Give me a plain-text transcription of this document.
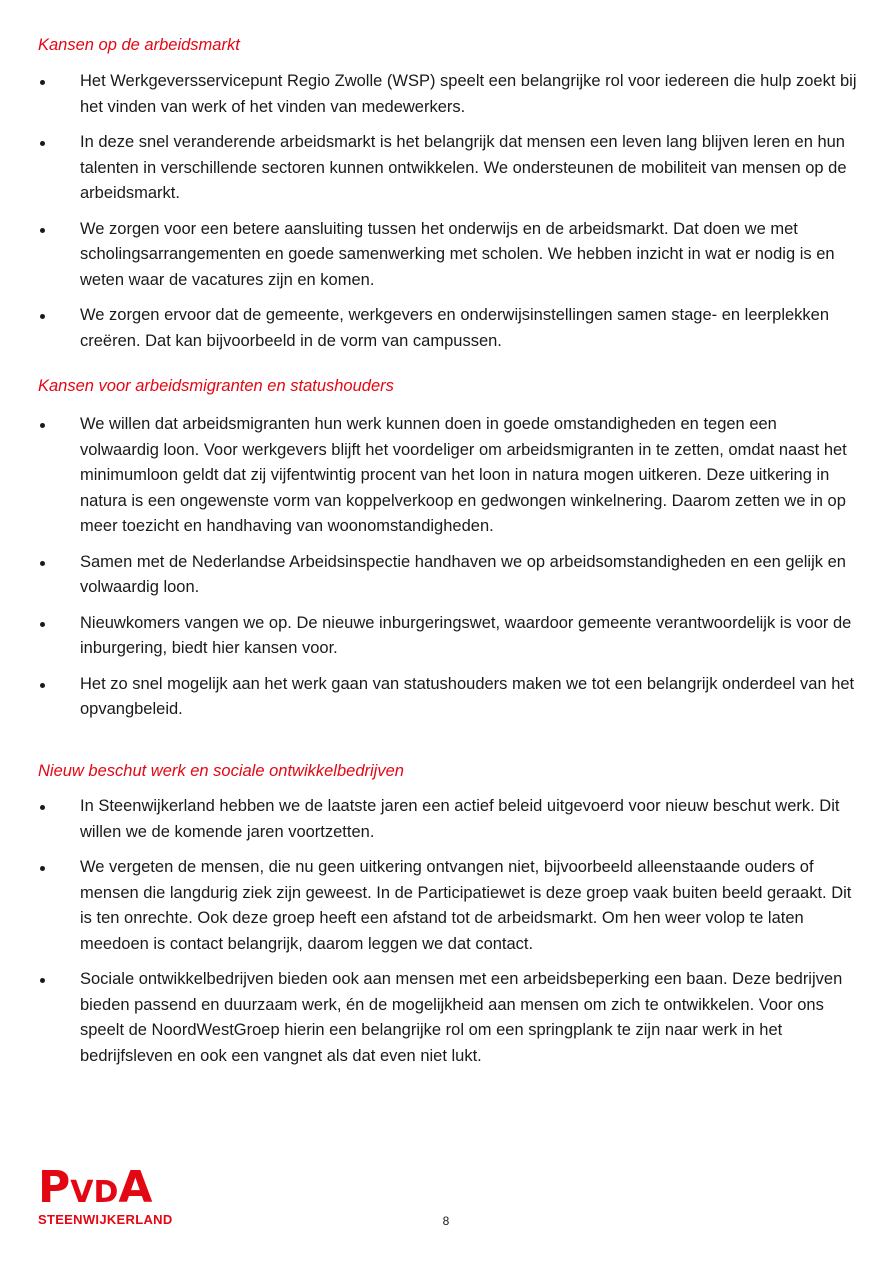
Kansen op de arbeidsmarkt
Het Werkgeversservicepunt Regio Zwolle (WSP) speelt een belangrijke rol voor iedereen die hulp zoekt bij het vinden van werk of het vinden van medewerkers.
In deze snel veranderende arbeidsmarkt is het belangrijk dat mensen een leven lang blijven leren en hun talenten in verschillende sectoren kunnen ontwikkelen. We ondersteunen de mobiliteit van mensen op de arbeidsmarkt.
We zorgen voor een betere aansluiting tussen het onderwijs en de arbeidsmarkt. Dat doen we met scholingsarrangementen en goede samenwerking met scholen. We hebben inzicht in wat er nodig is en weten waar de vacatures zijn en komen.
We zorgen ervoor dat de gemeente, werkgevers en onderwijsinstellingen samen stage- en leerplekken creëren. Dat kan bijvoorbeeld in de vorm van campussen.
Kansen voor arbeidsmigranten en statushouders
We willen dat arbeidsmigranten hun werk kunnen doen in goede omstandigheden en tegen een volwaardig loon. Voor werkgevers blijft het voordeliger om arbeidsmigranten in te zetten, omdat naast het minimumloon geldt dat zij vijfentwintig procent van het loon in natura mogen uitkeren. Deze uitkering in natura is een ongewenste vorm van koppelverkoop en gedwongen winkelnering. Daarom zetten we in op meer toezicht en handhaving van woonomstandigheden.
Samen met de Nederlandse Arbeidsinspectie handhaven we op arbeidsomstandigheden en een gelijk en volwaardig loon.
Nieuwkomers vangen we op. De nieuwe inburgeringswet, waardoor gemeente verantwoordelijk is voor de inburgering, biedt hier kansen voor.
Het zo snel mogelijk aan het werk gaan van statushouders maken we tot een belangrijk onderdeel van het opvangbeleid.
Nieuw beschut werk en sociale ontwikkelbedrijven
In Steenwijkerland hebben we de laatste jaren een actief beleid uitgevoerd voor nieuw beschut werk. Dit willen we de komende jaren voortzetten.
We vergeten de mensen, die nu geen uitkering ontvangen niet, bijvoorbeeld alleenstaande ouders of mensen die langdurig ziek zijn geweest. In de Participatiewet is deze groep vaak buiten beeld geraakt. Dit is ten onrechte. Ook deze groep heeft een afstand tot de arbeidsmarkt. Om hen weer volop te laten meedoen is contact belangrijk, daarom leggen we dat contact.
Sociale ontwikkelbedrijven bieden ook aan mensen met een arbeidsbeperking een baan. Deze bedrijven bieden passend en duurzaam werk, én de mogelijkheid aan mensen om zich te ontwikkelen. Voor ons speelt de NoordWestGroep hierin een belangrijke rol om een springplank te zijn naar werk in het bedrijfsleven en ook een vangnet als dat even niet lukt.
PVDA
STEENWIJKERLAND	8
